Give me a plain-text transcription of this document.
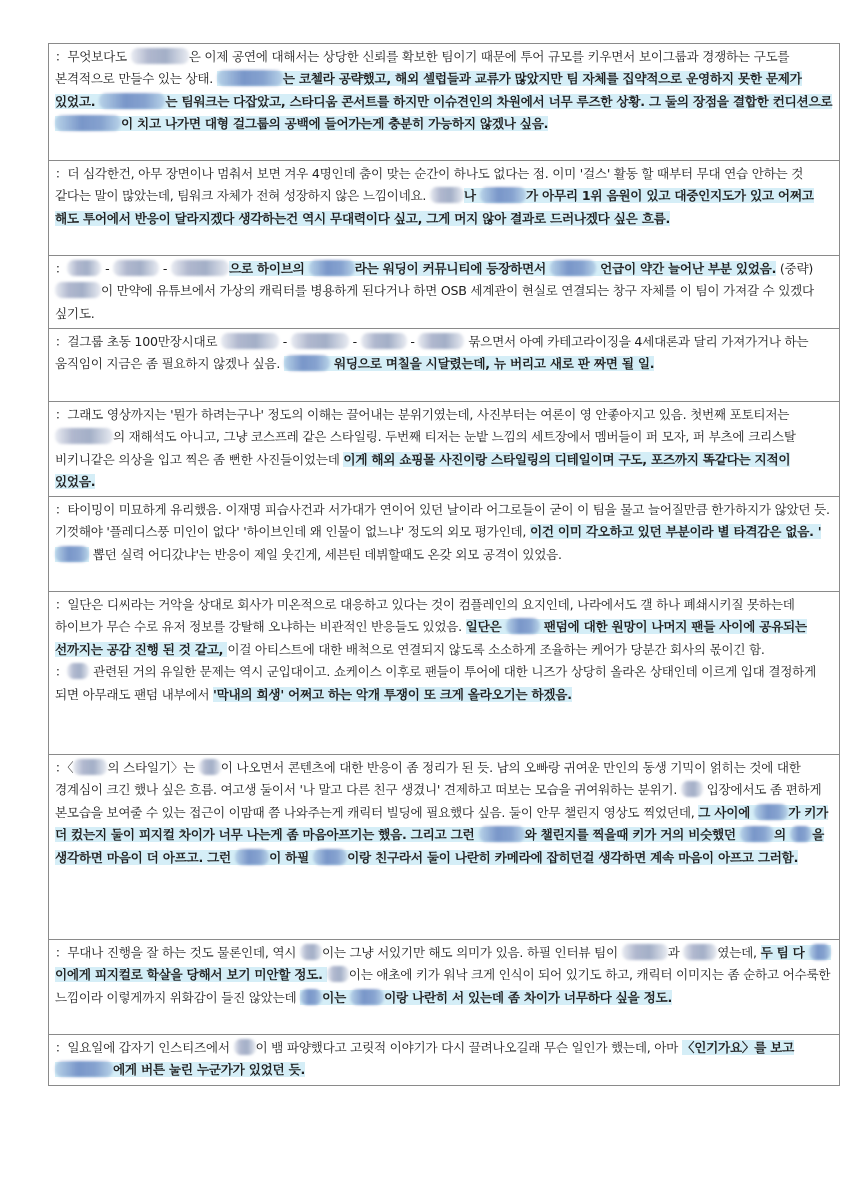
：무엇보다도	은 이제 공연에 대해서는 상당한 신뢰를 확보한 팀이기 때문에 투어 규모를 키우면서 보이그룹과 경쟁하는 구도를 본격적으로 만들수 있는 상태.	는 코첼라 공략했고, 해외 셀럽들과 교류가 많았지만 팀 자체를 집약적으로 운영하지 못한 문제가 있었고.	는 팀워크는 다잡았고, 스타디움 콘서트를 하지만 이슈견인의 차원에서 너무 루즈한 상황. 그 둘의 장점을 결합한 컨디션으로 이 치고 나가면 대형 걸그룹의 공백에 들어가는게 충분히 가능하지 않겠나 싶음.

：더 심각한건, 아무 장면이나 멈춰서 보면 겨우 4명인데 춤이 맞는 순간이 하나도 없다는 점. 이미 '걸스' 활동 할 때부터 무대 연습 안하는 것 같다는 말이 많았는데, 팀워크 자체가 전혀 성장하지 않은 느낌이네요.	나	가 아무리 1위 음원이 있고 대중인지도가 있고 어쩌고 해도 투어에서 반응이 달라지겠다 생각하는건 역시 무대력이다 싶고, 그게 머지 않아 결과로 드러나겠다 싶은 흐름.

：	-	-	으로 하이브의	라는 워딩이 커뮤니티에 등장하면서	언급이 약간 늘어난 부분 있었음. (중략) 이 만약에 유튜브에서 가상의 캐릭터를 병용하게 된다거나 하면 OSB 세계관이 현실로 연결되는 창구 자체를 이 팀이 가져갈 수 있겠다 싶기도.

：걸그룹 초동 100만장시대로	-	-	-	묶으면서 아예 카테고라이징을 4세대론과 달리 가져가거나 하는 움직임이 지금은 좀 필요하지 않겠나 싶음.	워딩으로 며칠을 시달렸는데, 뉴 버리고 새로 판 짜면 될 일.

：그래도 영상까지는 '뭔가 하려는구나' 정도의 이해는 끌어내는 분위기였는데, 사진부터는 여론이 영 안좋아지고 있음. 첫번째 포토티저는 의 재해석도 아니고, 그냥 코스프레 같은 스타일링. 두번째 티저는 눈밭 느낌의 세트장에서 멤버들이 퍼 모자, 퍼 부츠에 크리스탈 비키니같은 의상을 입고 찍은 좀 뻔한 사진들이었는데 이게 해외 쇼핑몰 사진이랑 스타일링의 디테일이며 구도, 포즈까지 똑같다는 지적이 있었음.

：타이밍이 미묘하게 유리했음. 이재명 피습사건과 서가대가 연이어 있던 날이라 어그로들이 굳이 이 팀을 물고 늘어질만큼 한가하지가 않았던 듯. 기껏해야 '플레디스풍 미인이 없다' '하이브인데 왜 인물이 없느냐' 정도의 외모 평가인데, 이건 이미 각오하고 있던 부분이라 별 타격감은 없음. ' 뽑던 실력 어디갔냐'는 반응이 제일 웃긴게, 세븐틴 데뷔할때도 온갖 외모 공격이 있었음.

：일단은 디씨라는 거악을 상대로 회사가 미온적으로 대응하고 있다는 것이 컴플레인의 요지인데, 나라에서도 갤 하나 폐쇄시키질 못하는데 하이브가 무슨 수로 유저 정보를 강탈해 오냐하는 비관적인 반응들도 있었음. 일단은	팬덤에 대한 원망이 나머지 팬들 사이에 공유되는 선까지는 공감 진행 된 것 같고, 이걸 아티스트에 대한 배척으로 연결되지 않도록 소소하게 조율하는 케어가 당분간 회사의 몫이긴 함.

： 관련된 거의 유일한 문제는 역시 군입대이고. 쇼케이스 이후로 팬들이 투어에 대한 니즈가 상당히 올라온 상태인데 이르게 입대 결정하게 되면 아무래도 팬덤 내부에서 '막내의 희생' 어쩌고 하는 악개 투쟁이 또 크게 올라오기는 하겠음.

：〈	의 스타일기〉는 이 나오면서 콘텐츠에 대한 반응이 좀 정리가 된 듯. 남의 오빠랑 귀여운 만인의 동생 기믹이 얽히는 것에 대한 경계심이 크긴 했나 싶은 흐름. 여고생 둘이서 '나 말고 다른 친구 생겼니' 견제하고 떠보는 모습을 귀여워하는 분위기.  입장에서도 좀 편하게 본모습을 보여줄 수 있는 접근이 이맘때 쯤 나와주는게 캐릭터 빌딩에 필요했다 싶음. 둘이 안무 챌린지 영상도 찍었던데, 그 사이에	가 키가 더 컸는지 둘이 피지컬 차이가 너무 나는게 좀 마음아프기는 했음. 그리고 그런	와 챌린지를 찍을때 키가 거의 비슷했던	의 을 생각하면 마음이 더 아프고. 그런	이 하필	이랑 친구라서 둘이 나란히 카메라에 잡히던걸 생각하면 계속 마음이 아프고 그러함.

：무대나 진행을 잘 하는 것도 물론인데, 역시 이는 그냥 서있기만 해도 의미가 있음. 하필 인터뷰 팀이	과	였는데, 두 팀 다 이에게 피지컬로 학살을 당해서 보기 미안할 정도. 이는 애초에 키가 워낙 크게 인식이 되어 있기도 하고, 캐릭터 이미지는 좀 순하고 어수룩한 느낌이라 이렇게까지 위화감이 들진 않았는데 이는	이랑 나란히 서 있는데 좀 차이가 너무하다 싶을 정도.

：일요일에 갑자기 인스티즈에서 이 뱀 파양했다고 고릿적 이야기가 다시 끌려나오길래 무슨 일인가 했는데, 아마 〈인기가요〉를 보고 에게 버튼 눌린 누군가가 있었던 듯.
